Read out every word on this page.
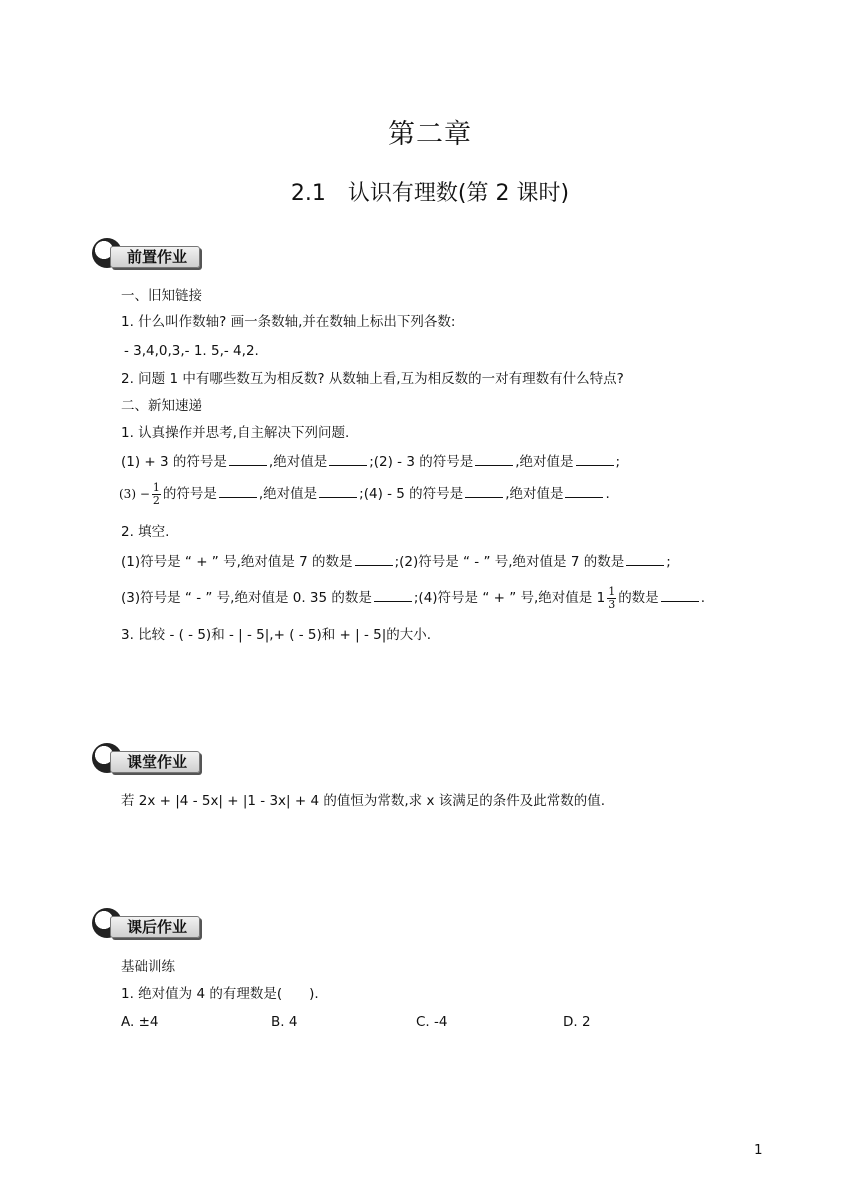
第二章
2.1　认识有理数(第 2 课时)
前置作业
一、旧知链接
1. 什么叫作数轴? 画一条数轴,并在数轴上标出下列各数:
- 3,4,0,3,- 1. 5,- 4,2.
2. 问题 1 中有哪些数互为相反数? 从数轴上看,互为相反数的一对有理数有什么特点?
二、新知速递
1. 认真操作并思考,自主解决下列问题.
(1) + 3 的符号是	,绝对值是	;(2) - 3 的符号是	,绝对值是	;
$(3) - \frac{1}{2}$ 的符号是	,绝对值是	;(4) - 5 的符号是	,绝对值是	.
2. 填空.
(1)符号是 “ + ” 号,绝对值是 7 的数是	;(2)符号是 “ - ” 号,绝对值是 7 的数是	;
(3)符号是 “ - ” 号,绝对值是 0. 35 的数是	;(4)符号是 “ + ” 号,绝对值是 $1 \frac{1}{3}$ 的数是	.
3. 比较 - ( - 5)和 - | - 5|,+ ( - 5)和 + | - 5|的大小.
课堂作业
若 2x + |4 - 5x| + |1 - 3x| + 4 的值恒为常数,求 x 该满足的条件及此常数的值.
课后作业
基础训练
1. 绝对值为 4 的有理数是(　　).
A. ±4	B. 4	C. -4	D. 2
1
